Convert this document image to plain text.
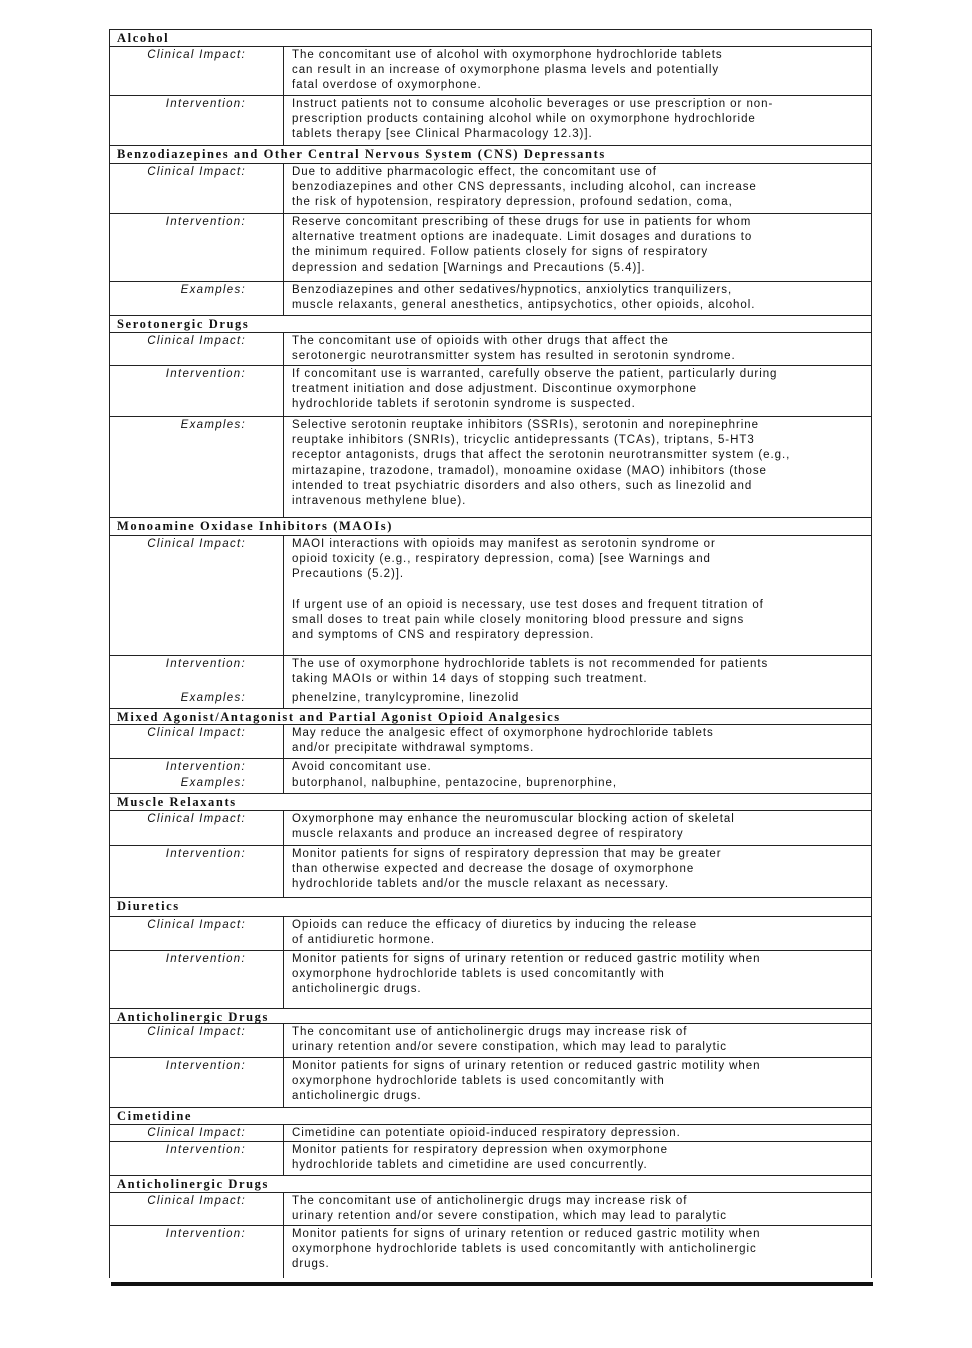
Alcohol
Clinical Impact:	The concomitant use of alcohol with oxymorphone hydrochloride tablets
can result in an increase of oxymorphone plasma levels and potentially
fatal overdose of oxymorphone.
Intervention:	Instruct patients not to consume alcoholic beverages or use prescription or non-
prescription products containing alcohol while on oxymorphone hydrochloride
tablets therapy [see Clinical Pharmacology 12.3)].
Benzodiazepines and Other Central Nervous System (CNS) Depressants
Clinical Impact:	Due to additive pharmacologic effect, the concomitant use of
benzodiazepines and other CNS depressants, including alcohol, can increase
the risk of hypotension, respiratory depression, profound sedation, coma,
Intervention:	Reserve concomitant prescribing of these drugs for use in patients for whom
alternative treatment options are inadequate. Limit dosages and durations to
the minimum required. Follow patients closely for signs of respiratory
depression and sedation [Warnings and Precautions (5.4)].
Examples:	Benzodiazepines and other sedatives/hypnotics, anxiolytics tranquilizers,
muscle relaxants, general anesthetics, antipsychotics, other opioids, alcohol.
Serotonergic Drugs
Clinical Impact:	The concomitant use of opioids with other drugs that affect the
serotonergic neurotransmitter system has resulted in serotonin syndrome.
Intervention:	If concomitant use is warranted, carefully observe the patient, particularly during
treatment initiation and dose adjustment. Discontinue oxymorphone
hydrochloride tablets if serotonin syndrome is suspected.
Examples:	Selective serotonin reuptake inhibitors (SSRIs), serotonin and norepinephrine
reuptake inhibitors (SNRIs), tricyclic antidepressants (TCAs), triptans, 5-HT3
receptor antagonists, drugs that affect the serotonin neurotransmitter system (e.g.,
mirtazapine, trazodone, tramadol), monoamine oxidase (MAO) inhibitors (those
intended to treat psychiatric disorders and also others, such as linezolid and
intravenous methylene blue).
Monoamine Oxidase Inhibitors (MAOIs)
Clinical Impact:	MAOI interactions with opioids may manifest as serotonin syndrome or
opioid toxicity (e.g., respiratory depression, coma) [see Warnings and
Precautions (5.2)].

If urgent use of an opioid is necessary, use test doses and frequent titration of
small doses to treat pain while closely monitoring blood pressure and signs
and symptoms of CNS and respiratory depression.
Intervention:	The use of oxymorphone hydrochloride tablets is not recommended for patients
taking MAOIs or within 14 days of stopping such treatment.
Examples:	phenelzine, tranylcypromine, linezolid
Mixed Agonist/Antagonist and Partial Agonist Opioid Analgesics
Clinical Impact:	May reduce the analgesic effect of oxymorphone hydrochloride tablets
and/or precipitate withdrawal symptoms.
Intervention:	Avoid concomitant use.
Examples:	butorphanol, nalbuphine, pentazocine, buprenorphine,
Muscle Relaxants
Clinical Impact:	Oxymorphone may enhance the neuromuscular blocking action of skeletal
muscle relaxants and produce an increased degree of respiratory
Intervention:	Monitor patients for signs of respiratory depression that may be greater
than otherwise expected and decrease the dosage of oxymorphone
hydrochloride tablets and/or the muscle relaxant as necessary.
Diuretics
Clinical Impact:	Opioids can reduce the efficacy of diuretics by inducing the release
of antidiuretic hormone.
Intervention:	Monitor patients for signs of urinary retention or reduced gastric motility when
oxymorphone hydrochloride tablets is used concomitantly with
anticholinergic drugs.
Anticholinergic Drugs
Clinical Impact:	The concomitant use of anticholinergic drugs may increase risk of
urinary retention and/or severe constipation, which may lead to paralytic
Intervention:	Monitor patients for signs of urinary retention or reduced gastric motility when
oxymorphone hydrochloride tablets is used concomitantly with
anticholinergic drugs.
Cimetidine
Clinical Impact:	Cimetidine can potentiate opioid-induced respiratory depression.
Intervention:	Monitor patients for respiratory depression when oxymorphone
hydrochloride tablets and cimetidine are used concurrently.
Anticholinergic Drugs
Clinical Impact:	The concomitant use of anticholinergic drugs may increase risk of
urinary retention and/or severe constipation, which may lead to paralytic
Intervention:	Monitor patients for signs of urinary retention or reduced gastric motility when
oxymorphone hydrochloride tablets is used concomitantly with anticholinergic
drugs.
